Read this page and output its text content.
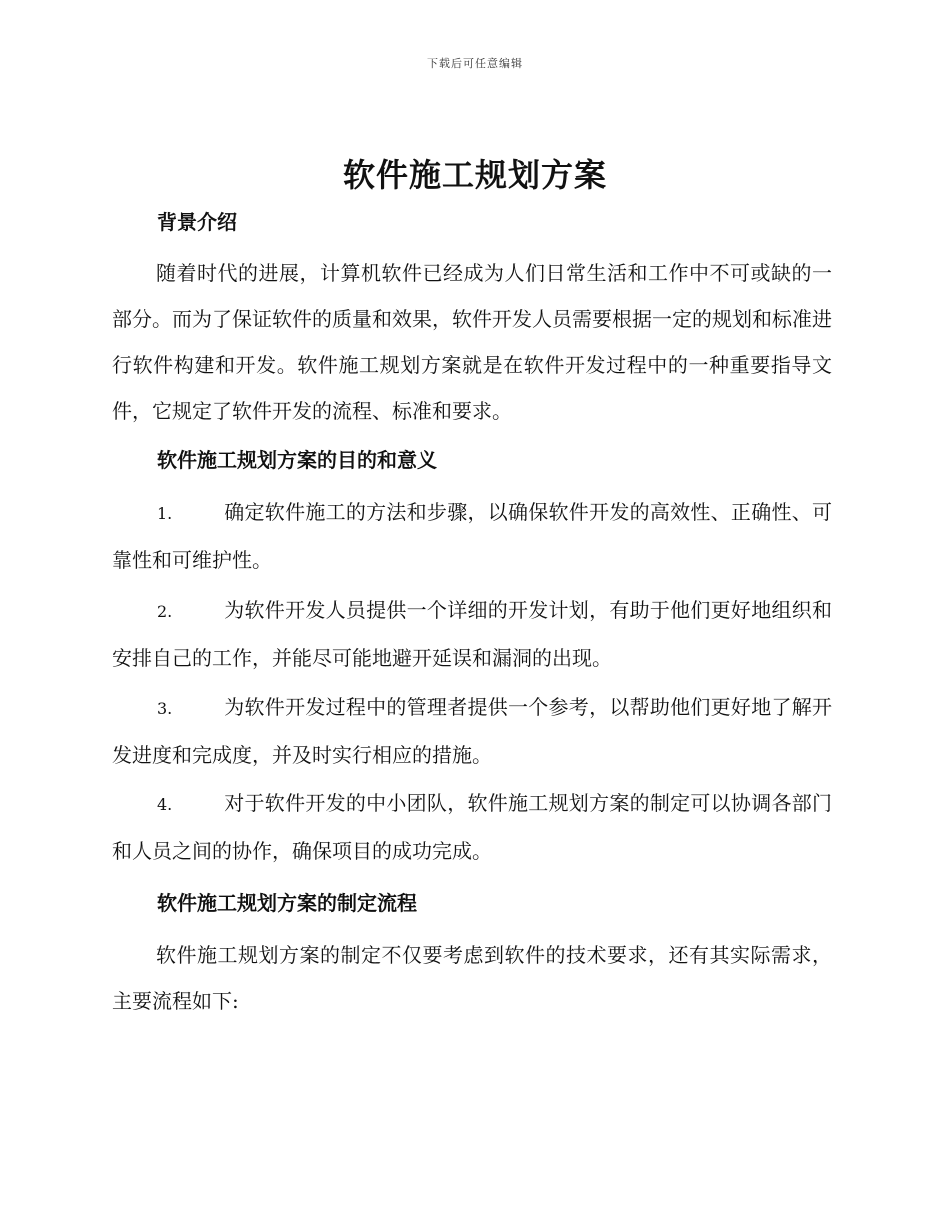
下载后可任意编辑
软件施工规划方案
背景介绍

随着时代的进展，计算机软件已经成为人们日常生活和工作中不可或缺的一部分。而为了保证软件的质量和效果，软件开发人员需要根据一定的规划和标准进行软件构建和开发。软件施工规划方案就是在软件开发过程中的一种重要指导文件，它规定了软件开发的流程、标准和要求。

软件施工规划方案的目的和意义
1.	确定软件施工的方法和步骤，以确保软件开发的高效性、正确性、可靠性和可维护性。
2.	为软件开发人员提供一个详细的开发计划，有助于他们更好地组织和安排自己的工作，并能尽可能地避开延误和漏洞的出现。
3.	为软件开发过程中的管理者提供一个参考，以帮助他们更好地了解开发进度和完成度，并及时实行相应的措施。
4.	对于软件开发的中小团队，软件施工规划方案的制定可以协调各部门和人员之间的协作，确保项目的成功完成。
软件施工规划方案的制定流程

软件施工规划方案的制定不仅要考虑到软件的技术要求，还有其实际需求，主要流程如下:
